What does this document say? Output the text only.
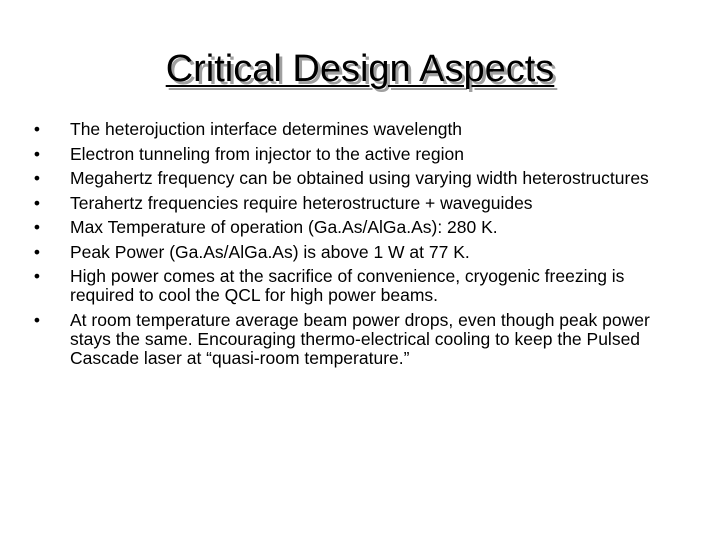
Critical Design Aspects
• The heterojuction interface determines wavelength
• Electron tunneling from injector to the active region
• Megahertz frequency can be obtained using varying width heterostructures
• Terahertz frequencies require heterostructure + waveguides
• Max Temperature of operation (Ga.As/AlGa.As): 280 K.
• Peak Power (Ga.As/AlGa.As) is above 1 W at 77 K.
• High power comes at the sacrifice of convenience, cryogenic freezing is required to cool the QCL for high power beams.
• At room temperature average beam power drops, even though peak power stays the same. Encouraging thermo-electrical cooling to keep the Pulsed Cascade laser at “quasi-room temperature.”
